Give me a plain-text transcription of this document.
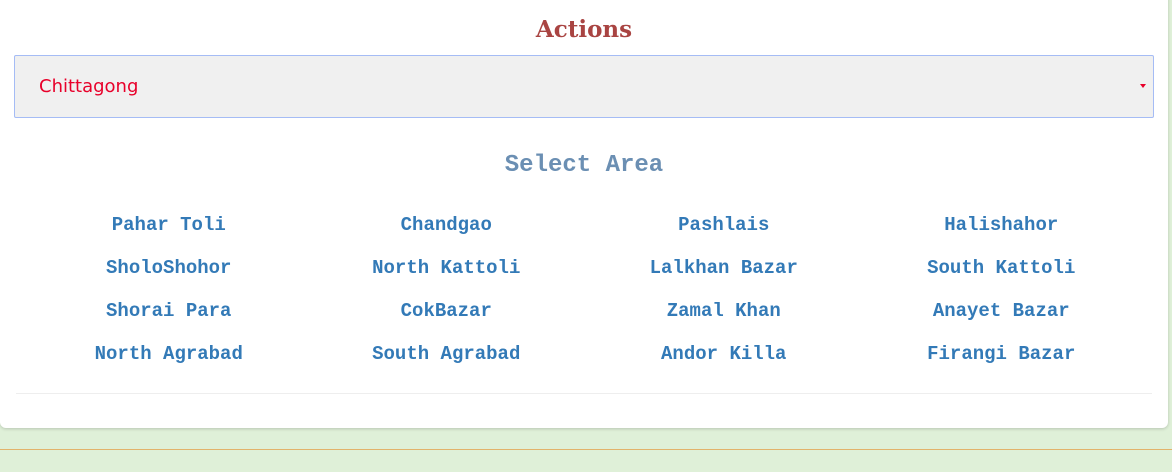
Actions
Chittagong
Select Area
Pahar Toli	Chandgao	Pashlais	Halishahor
SholoShohor	North Kattoli	Lalkhan Bazar	South Kattoli
Shorai Para	CokBazar	Zamal Khan	Anayet Bazar
North Agrabad	South Agrabad	Andor Killa	Firangi Bazar
